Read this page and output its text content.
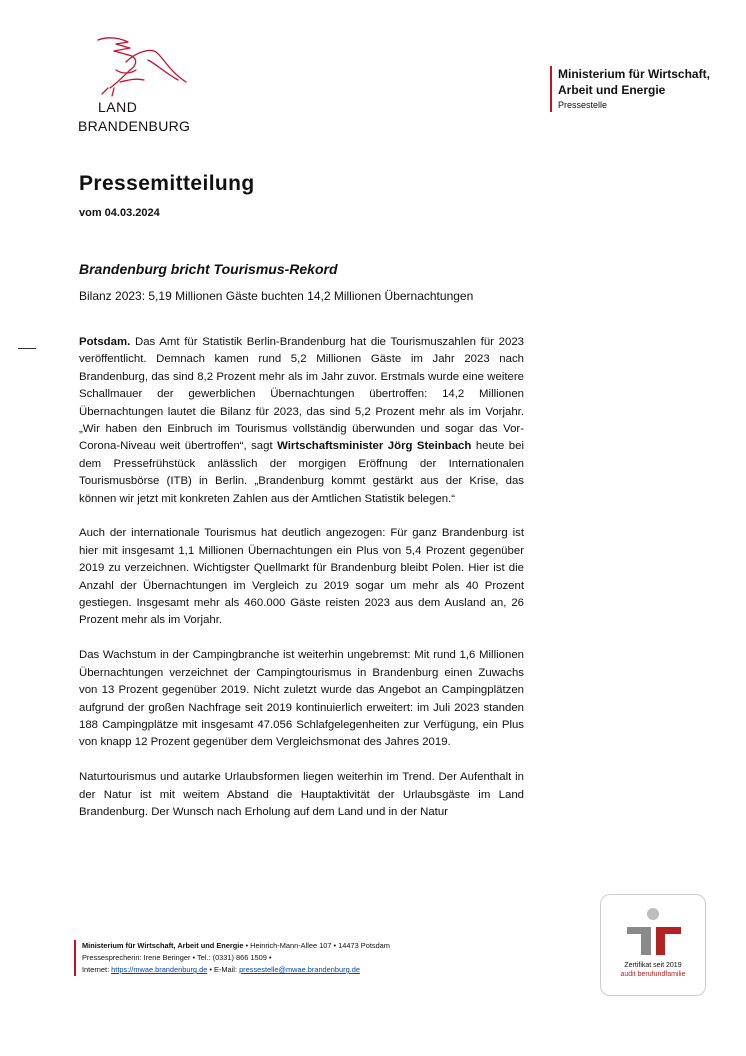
LAND
BRANDENBURG
Ministerium für Wirtschaft,
Arbeit und Energie
Pressestelle
Pressemitteilung
vom 04.03.2024
Brandenburg bricht Tourismus-Rekord
Bilanz 2023: 5,19 Millionen Gäste buchten 14,2 Millionen Übernachtungen

Potsdam. Das Amt für Statistik Berlin-Brandenburg hat die Tourismuszahlen für 2023 veröffentlicht. Demnach kamen rund 5,2 Millionen Gäste im Jahr 2023 nach Brandenburg, das sind 8,2 Prozent mehr als im Jahr zuvor. Erstmals wurde eine weitere Schallmauer der gewerblichen Übernachtungen übertroffen: 14,2 Millionen Übernachtungen lautet die Bilanz für 2023, das sind 5,2 Prozent mehr als im Vorjahr. „Wir haben den Einbruch im Tourismus vollständig überwunden und sogar das Vor-Corona-Niveau weit übertroffen“, sagt Wirtschaftsminister Jörg Steinbach heute bei dem Pressefrühstück anlässlich der morgigen Eröffnung der Internationalen Tourismusbörse (ITB) in Berlin. „Brandenburg kommt gestärkt aus der Krise, das können wir jetzt mit konkreten Zahlen aus der Amtlichen Statistik belegen.“

Auch der internationale Tourismus hat deutlich angezogen: Für ganz Brandenburg ist hier mit insgesamt 1,1 Millionen Übernachtungen ein Plus von 5,4 Prozent gegenüber 2019 zu verzeichnen. Wichtigster Quellmarkt für Brandenburg bleibt Polen. Hier ist die Anzahl der Übernachtungen im Vergleich zu 2019 sogar um mehr als 40 Prozent gestiegen. Insgesamt mehr als 460.000 Gäste reisten 2023 aus dem Ausland an, 26 Prozent mehr als im Vorjahr.

Das Wachstum in der Campingbranche ist weiterhin ungebremst: Mit rund 1,6 Millionen Übernachtungen verzeichnet der Campingtourismus in Brandenburg einen Zuwachs von 13 Prozent gegenüber 2019. Nicht zuletzt wurde das Angebot an Campingplätzen aufgrund der großen Nachfrage seit 2019 kontinuierlich erweitert: im Juli 2023 standen 188 Campingplätze mit insgesamt 47.056 Schlafgelegenheiten zur Verfügung, ein Plus von knapp 12 Prozent gegenüber dem Vergleichsmonat des Jahres 2019.

Naturtourismus und autarke Urlaubsformen liegen weiterhin im Trend. Der Aufenthalt in der Natur ist mit weitem Abstand die Hauptaktivität der Urlaubsgäste im Land Brandenburg. Der Wunsch nach Erholung auf dem Land und in der Natur

Ministerium für Wirtschaft, Arbeit und Energie • Heinrich-Mann-Allee 107 • 14473 Potsdam
Pressesprecherin: Irene Beringer • Tel.: (0331) 866 1509 •
Internet: https://mwae.brandenburg.de • E-Mail: pressestelle@mwae.brandenburg.de	Zertifikat seit 2019
audit berufundfamilie
